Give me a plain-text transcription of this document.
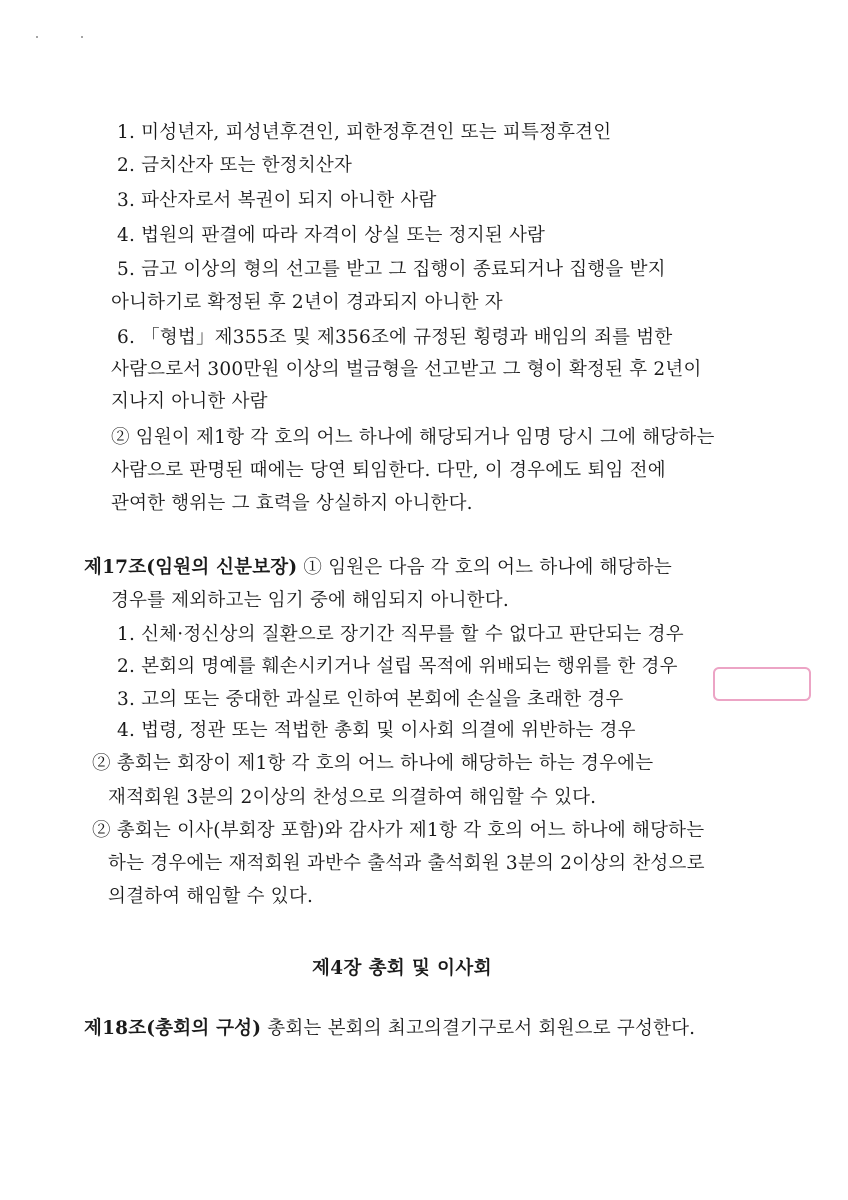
1. 미성년자, 피성년후견인, 피한정후견인 또는 피특정후견인
2. 금치산자 또는 한정치산자
3. 파산자로서 복권이 되지 아니한 사람
4. 법원의 판결에 따라 자격이 상실 또는 정지된 사람
5. 금고 이상의 형의 선고를 받고 그 집행이 종료되거나 집행을 받지
아니하기로 확정된 후 2년이 경과되지 아니한 자
6. 「형법」제355조 및 제356조에 규정된 횡령과 배임의 죄를 범한
사람으로서 300만원 이상의 벌금형을 선고받고 그 형이 확정된 후 2년이
지나지 아니한 사람
② 임원이 제1항 각 호의 어느 하나에 해당되거나 임명 당시 그에 해당하는
사람으로 판명된 때에는 당연 퇴임한다. 다만, 이 경우에도 퇴임 전에
관여한 행위는 그 효력을 상실하지 아니한다.
제17조(임원의 신분보장) ① 임원은 다음 각 호의 어느 하나에 해당하는
경우를 제외하고는 임기 중에 해임되지 아니한다.
1. 신체·정신상의 질환으로 장기간 직무를 할 수 없다고 판단되는 경우
2. 본회의 명예를 훼손시키거나 설립 목적에 위배되는 행위를 한 경우
3. 고의 또는 중대한 과실로 인하여 본회에 손실을 초래한 경우
4. 법령, 정관 또는 적법한 총회 및 이사회 의결에 위반하는 경우
② 총회는 회장이 제1항 각 호의 어느 하나에 해당하는 하는 경우에는
재적회원 3분의 2이상의 찬성으로 의결하여 해임할 수 있다.
② 총회는 이사(부회장 포함)와 감사가 제1항 각 호의 어느 하나에 해당하는
하는 경우에는 재적회원 과반수 출석과 출석회원 3분의 2이상의 찬성으로
의결하여 해임할 수 있다.
제4장 총회 및 이사회
제18조(총회의 구성) 총회는 본회의 최고의결기구로서 회원으로 구성한다.
